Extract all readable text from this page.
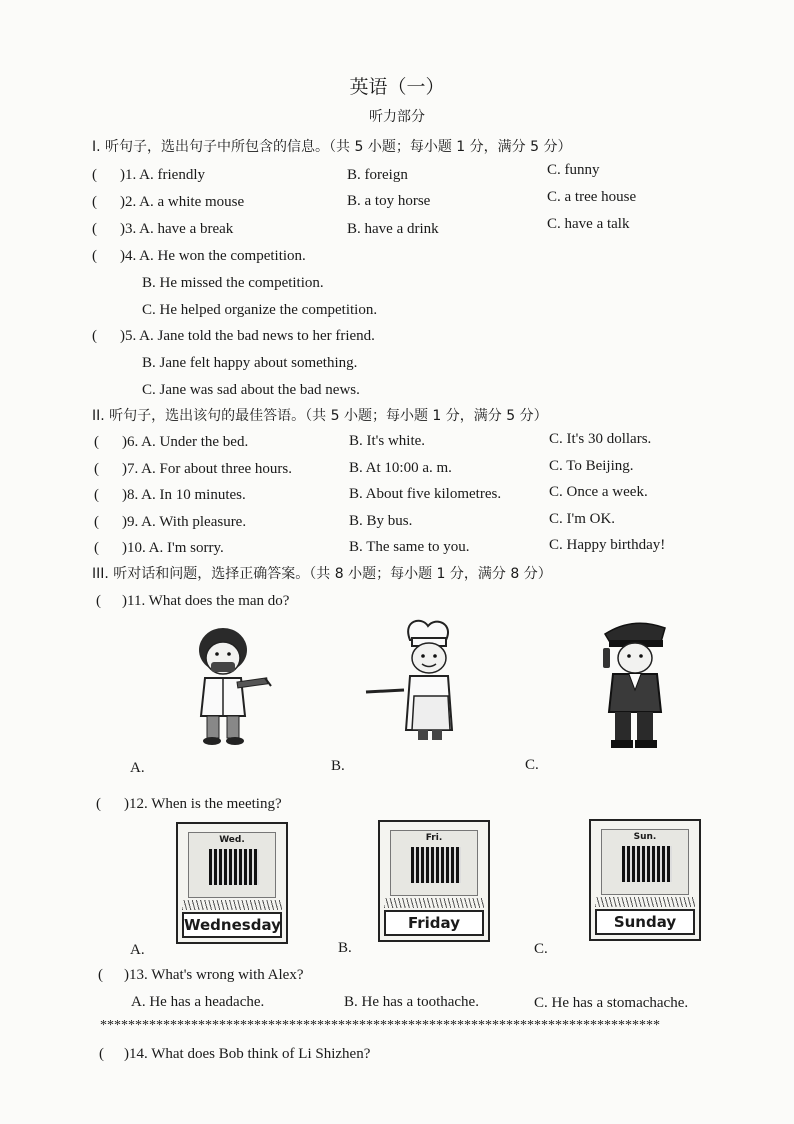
英语（一）
听力部分
I. 听句子，选出句子中所包含的信息。（共 5 小题；每小题 1 分，满分 5 分）
( )1. A. friendly	B. foreign	C. funny
( )2. A. a white mouse	B. a toy horse	C. a tree house
( )3. A. have a break	B. have a drink	C. have a talk
( )4. A. He won the competition.
B. He missed the competition.
C. He helped organize the competition.
( )5. A. Jane told the bad news to her friend.
B. Jane felt happy about something.
C. Jane was sad about the bad news.
II. 听句子，选出该句的最佳答语。（共 5 小题；每小题 1 分，满分 5 分）
( )6. A. Under the bed.	B. It's white.	C. It's 30 dollars.
( )7. A. For about three hours.	B. At 10:00 a. m.	C. To Beijing.
( )8. A. In 10 minutes.	B. About five kilometres.	C. Once a week.
( )9. A. With pleasure.	B. By bus.	C. I'm OK.
( )10. A. I'm sorry.	B. The same to you.	C. Happy birthday!
III. 听对话和问题，选择正确答案。（共 8 小题；每小题 1 分，满分 8 分）
( )11. What does the man do?
A.	B.	C.
( )12. When is the meeting?
Wed.
Wednesday
Fri.
Friday
Sun.
Sunday
A.	B.	C.
( )13. What's wrong with Alex?
A. He has a headache.	B. He has a toothache.	C. He has a stomachache.
********************************************************************************
( )14. What does Bob think of Li Shizhen?
